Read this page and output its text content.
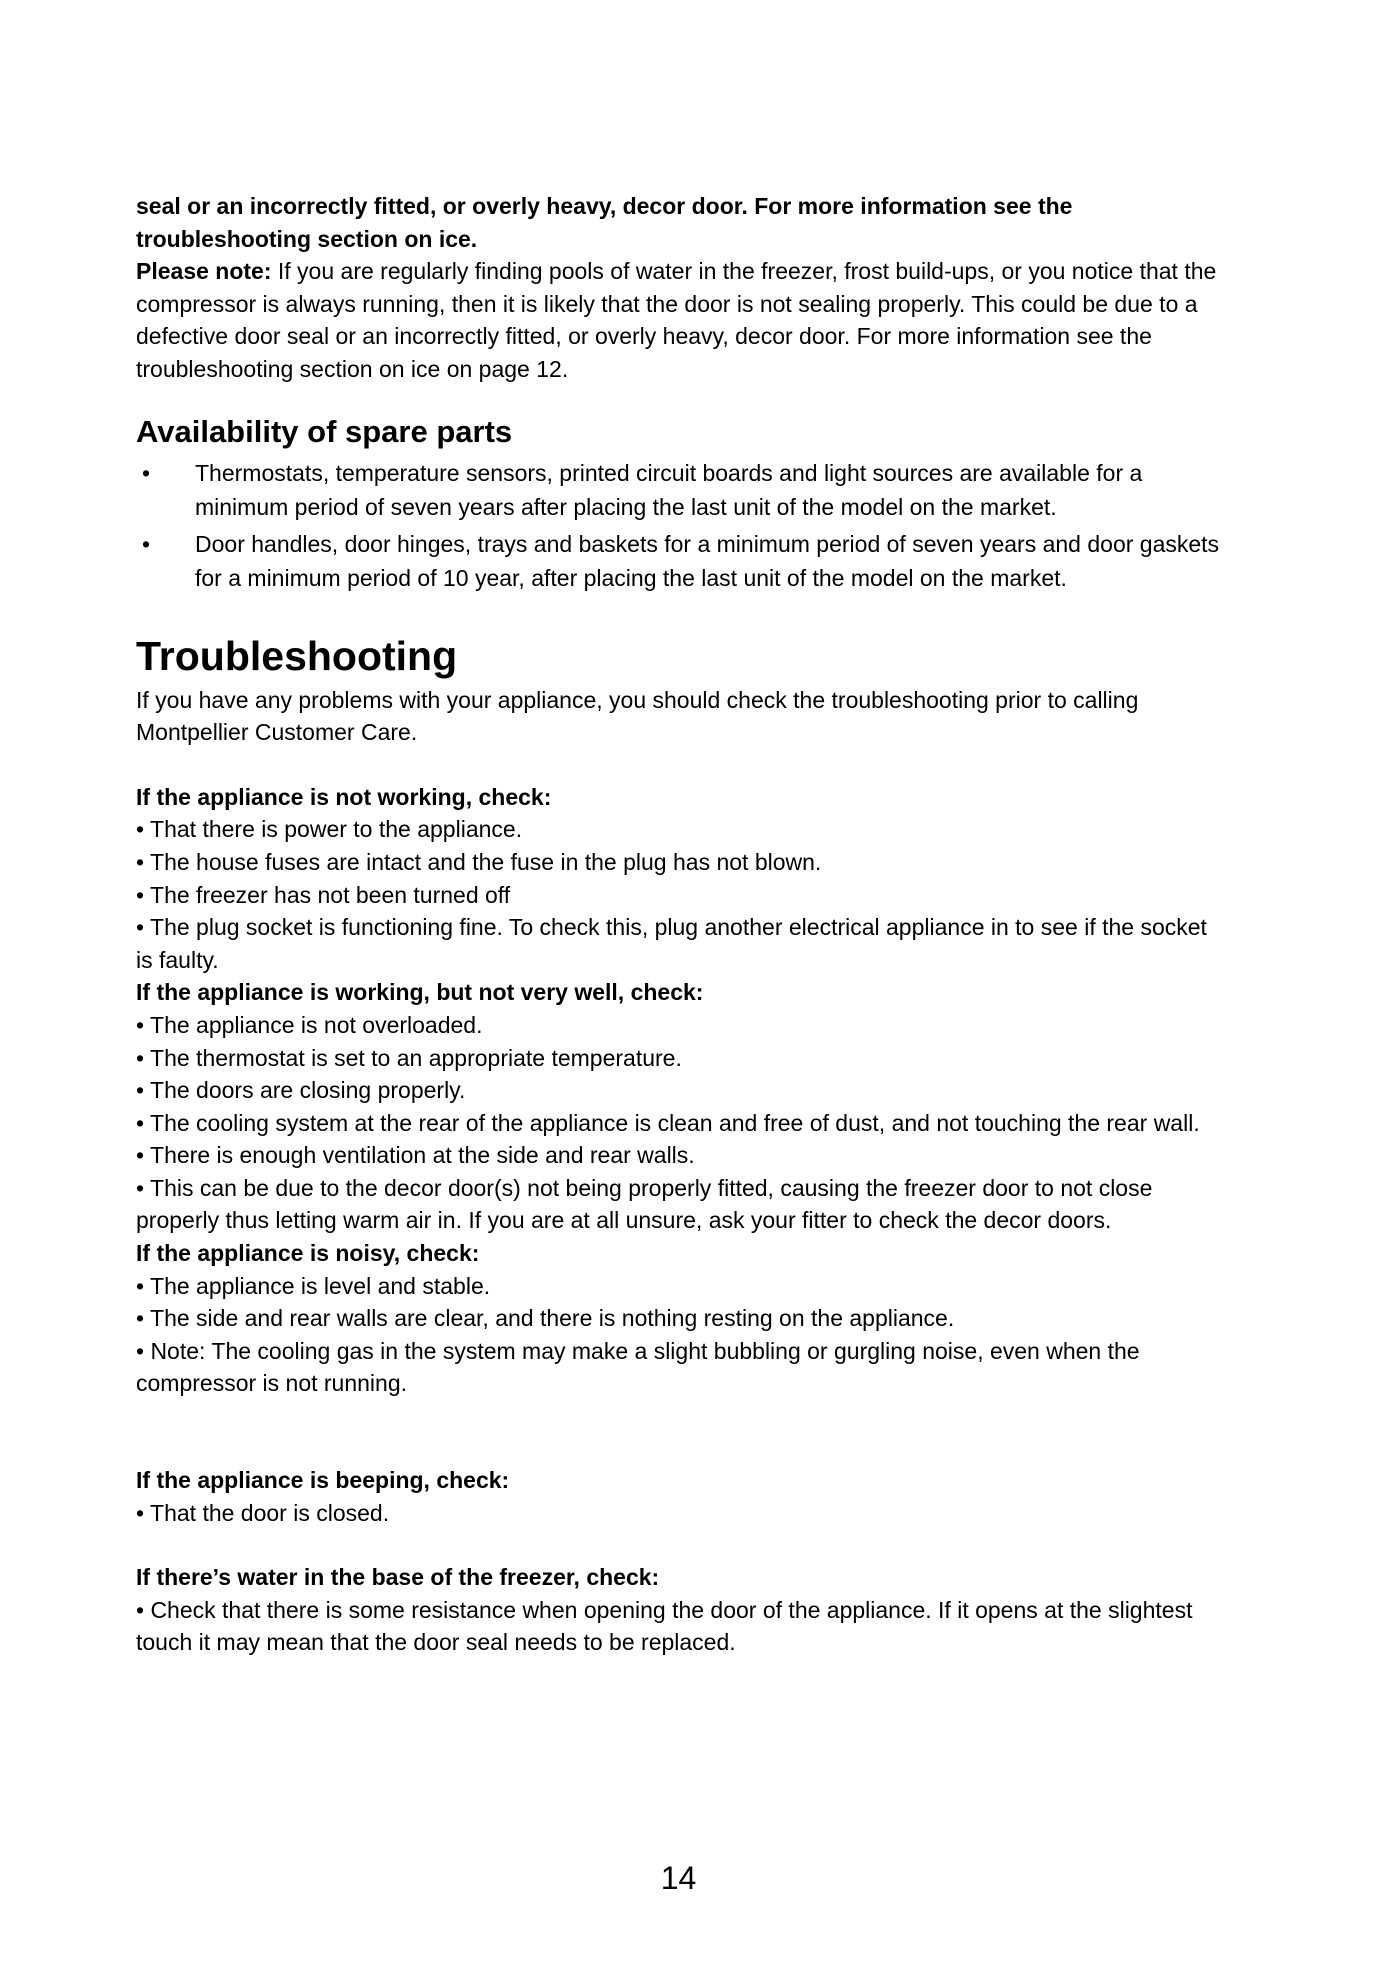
seal or an incorrectly fitted, or overly heavy, decor door. For more information see the troubleshooting section on ice.

Please note: If you are regularly finding pools of water in the freezer, frost build-ups, or you notice that the compressor is always running, then it is likely that the door is not sealing properly. This could be due to a defective door seal or an incorrectly fitted, or overly heavy, decor door. For more information see the troubleshooting section on ice on page 12.

Availability of spare parts
• Thermostats, temperature sensors, printed circuit boards and light sources are available for a minimum period of seven years after placing the last unit of the model on the market.
• Door handles, door hinges, trays and baskets for a minimum period of seven years and door gaskets for a minimum period of 10 year, after placing the last unit of the model on the market.
Troubleshooting

If you have any problems with your appliance, you should check the troubleshooting prior to calling Montpellier Customer Care.

If the appliance is not working, check:

• That there is power to the appliance.

• The house fuses are intact and the fuse in the plug has not blown.

• The freezer has not been turned off

• The plug socket is functioning fine. To check this, plug another electrical appliance in to see if the socket is faulty.

If the appliance is working, but not very well, check:

• The appliance is not overloaded.

• The thermostat is set to an appropriate temperature.

• The doors are closing properly.

• The cooling system at the rear of the appliance is clean and free of dust, and not touching the rear wall.

• There is enough ventilation at the side and rear walls.

• This can be due to the decor door(s) not being properly fitted, causing the freezer door to not close properly thus letting warm air in. If you are at all unsure, ask your fitter to check the decor doors.

If the appliance is noisy, check:

• The appliance is level and stable.

• The side and rear walls are clear, and there is nothing resting on the appliance.

• Note: The cooling gas in the system may make a slight bubbling or gurgling noise, even when the compressor is not running.

If the appliance is beeping, check:

• That the door is closed.

If there’s water in the base of the freezer, check:

• Check that there is some resistance when opening the door of the appliance. If it opens at the slightest touch it may mean that the door seal needs to be replaced.

14
